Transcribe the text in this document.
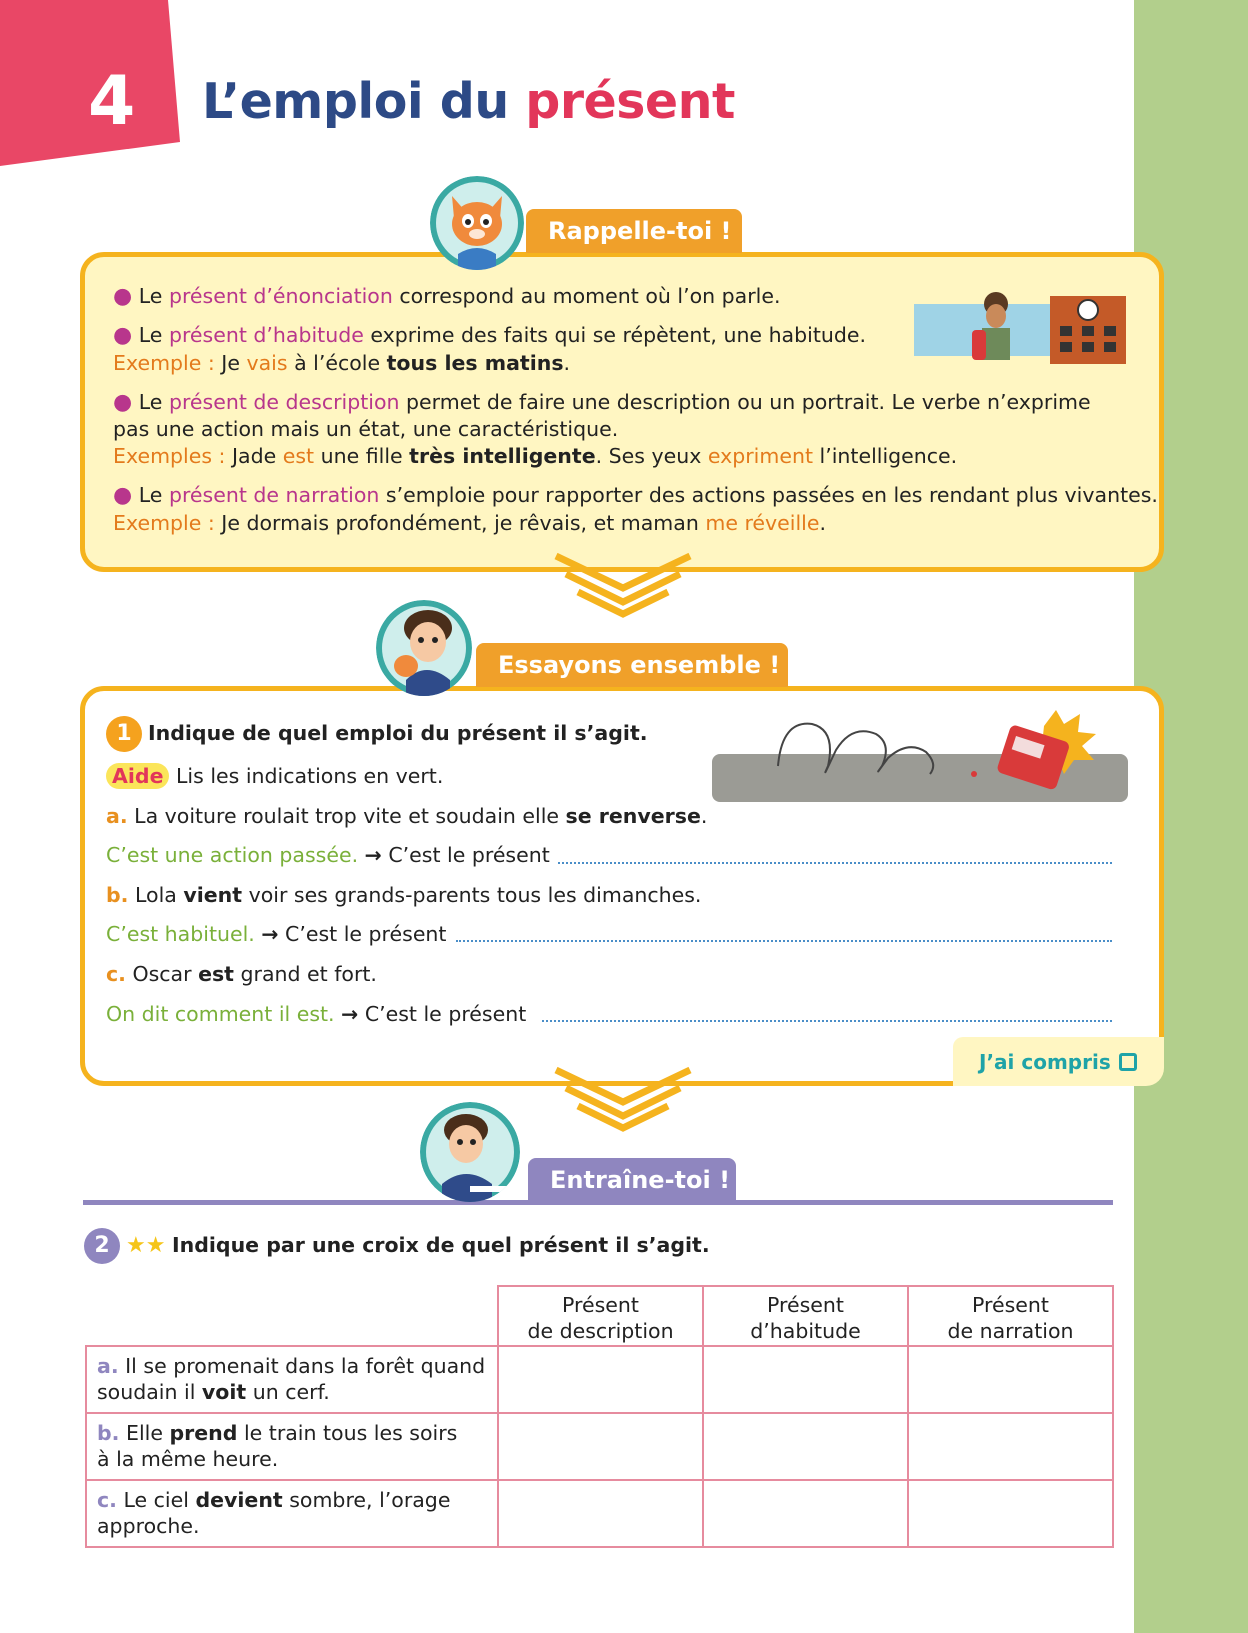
4 L’emploi du présent
Rappelle-toi !
● Le présent d’énonciation correspond au moment où l’on parle.
● Le présent d’habitude exprime des faits qui se répètent, une habitude.
Exemple : Je vais à l’école tous les matins.
● Le présent de description permet de faire une description ou un portrait. Le verbe n’exprime
pas une action mais un état, une caractéristique.
Exemples : Jade est une fille très intelligente. Ses yeux expriment l’intelligence.
● Le présent de narration s’emploie pour rapporter des actions passées en les rendant plus vivantes.
Exemple : Je dormais profondément, je rêvais, et maman me réveille.
Essayons ensemble !
1 Indique de quel emploi du présent il s’agit.
Aide Lis les indications en vert.
a. La voiture roulait trop vite et soudain elle se renverse.
C’est une action passée. → C’est le présent
b. Lola vient voir ses grands-parents tous les dimanches.
C’est habituel. → C’est le présent
c. Oscar est grand et fort.
On dit comment il est. → C’est le présent
J’ai compris
Entraîne-toi !
2 ★★ Indique par une croix de quel présent il s’agit.
	Présent
de description	Présent
d’habitude	Présent
de narration
a. Il se promenait dans la forêt quand
soudain il voit un cerf.			
b. Elle prend le train tous les soirs
à la même heure.			
c. Le ciel devient sombre, l’orage
approche.			
